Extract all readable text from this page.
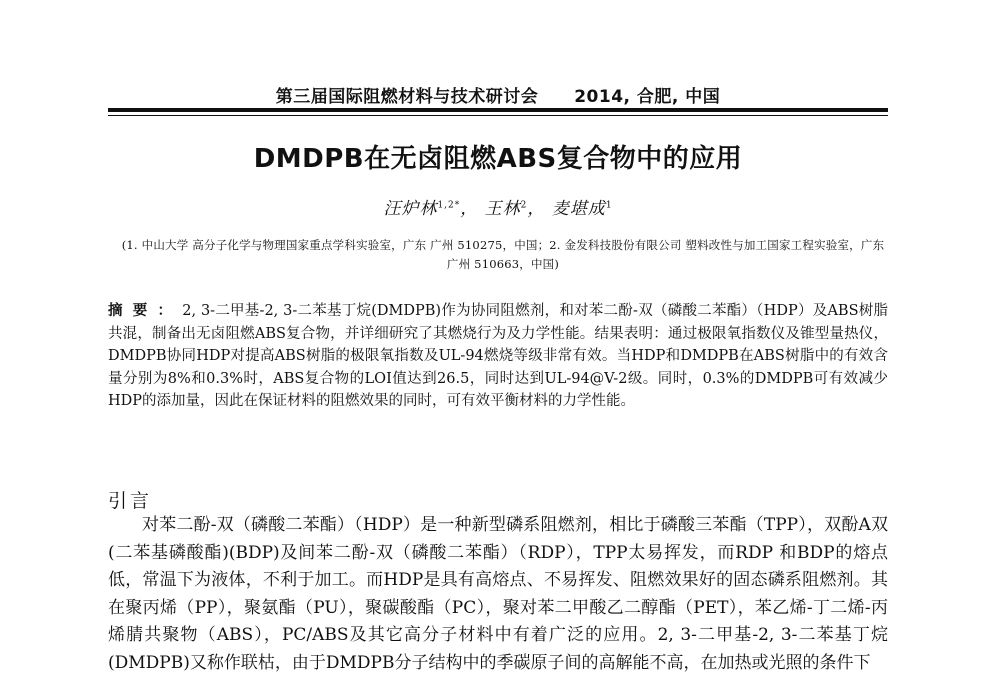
第三届国际阻燃材料与技术研讨会 2014, 合肥, 中国
DMDPB在无卤阻燃ABS复合物中的应用
汪炉林$^{1,2*}$， 王林$^2$， 麦堪成$^1$
(1. 中山大学 高分子化学与物理国家重点学科实验室，广东 广州 510275，中国；2. 金发科技股份有限公司 塑料改性与加工国家工程实验室，广东 广州 510663，中国)
摘要：2, 3-二甲基-2, 3-二苯基丁烷(DMDPB)作为协同阻燃剂，和对苯二酚-双（磷酸二苯酯）（HDP）及ABS树脂共混，制备出无卤阻燃ABS复合物，并详细研究了其燃烧行为及力学性能。结果表明：通过极限氧指数仪及锥型量热仪，DMDPB协同HDP对提高ABS树脂的极限氧指数及UL-94燃烧等级非常有效。当HDP和DMDPB在ABS树脂中的有效含量分别为8%和0.3%时，ABS复合物的LOI值达到26.5，同时达到UL-94@V-2级。同时，0.3%的DMDPB可有效减少HDP的添加量，因此在保证材料的阻燃效果的同时，可有效平衡材料的力学性能。
引言

对苯二酚-双（磷酸二苯酯）（HDP）是一种新型磷系阻燃剂，相比于磷酸三苯酯（TPP），双酚A双(二苯基磷酸酯)(BDP)及间苯二酚-双（磷酸二苯酯）（RDP），TPP太易挥发，而RDP 和BDP的熔点低，常温下为液体，不利于加工。而HDP是具有高熔点、不易挥发、阻燃效果好的固态磷系阻燃剂。其在聚丙烯（PP），聚氨酯（PU），聚碳酸酯（PC），聚对苯二甲酸乙二醇酯（PET），苯乙烯-丁二烯-丙烯腈共聚物（ABS），PC/ABS及其它高分子材料中有着广泛的应用。2, 3-二甲基-2, 3-二苯基丁烷 (DMDPB)又称作联枯，由于DMDPB分子结构中的季碳原子间的高解能不高，在加热或光照的条件下
